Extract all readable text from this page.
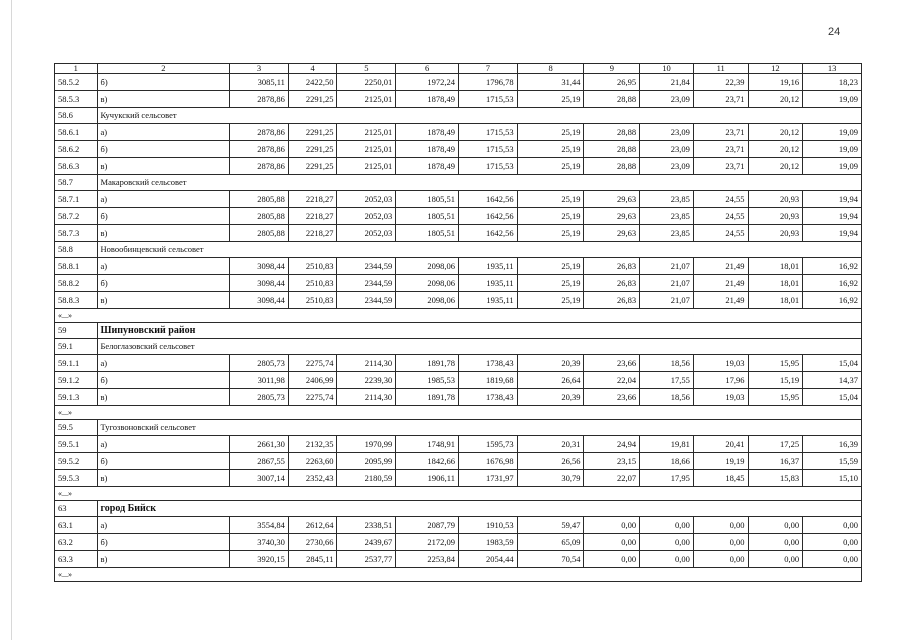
24
1	2	3	4	5	6	7	8	9	10	11	12	13
58.5.2	б)	3085,11	2422,50	2250,01	1972,24	1796,78	31,44	26,95	21,84	22,39	19,16	18,23
58.5.3	в)	2878,86	2291,25	2125,01	1878,49	1715,53	25,19	28,88	23,09	23,71	20,12	19,09
58.6	Кучукский сельсовет											
58.6.1	а)	2878,86	2291,25	2125,01	1878,49	1715,53	25,19	28,88	23,09	23,71	20,12	19,09
58.6.2	б)	2878,86	2291,25	2125,01	1878,49	1715,53	25,19	28,88	23,09	23,71	20,12	19,09
58.6.3	в)	2878,86	2291,25	2125,01	1878,49	1715,53	25,19	28,88	23,09	23,71	20,12	19,09
58.7	Макаровский сельсовет											
58.7.1	а)	2805,88	2218,27	2052,03	1805,51	1642,56	25,19	29,63	23,85	24,55	20,93	19,94
58.7.2	б)	2805,88	2218,27	2052,03	1805,51	1642,56	25,19	29,63	23,85	24,55	20,93	19,94
58.7.3	в)	2805,88	2218,27	2052,03	1805,51	1642,56	25,19	29,63	23,85	24,55	20,93	19,94
58.8	Новообинцевский сельсовет											
58.8.1	а)	3098,44	2510,83	2344,59	2098,06	1935,11	25,19	26,83	21,07	21,49	18,01	16,92
58.8.2	б)	3098,44	2510,83	2344,59	2098,06	1935,11	25,19	26,83	21,07	21,49	18,01	16,92
58.8.3	в)	3098,44	2510,83	2344,59	2098,06	1935,11	25,19	26,83	21,07	21,49	18,01	16,92
«...»												
59	Шипуновский район											
59.1	Белоглазовский сельсовет											
59.1.1	а)	2805,73	2275,74	2114,30	1891,78	1738,43	20,39	23,66	18,56	19,03	15,95	15,04
59.1.2	б)	3011,98	2406,99	2239,30	1985,53	1819,68	26,64	22,04	17,55	17,96	15,19	14,37
59.1.3	в)	2805,73	2275,74	2114,30	1891,78	1738,43	20,39	23,66	18,56	19,03	15,95	15,04
«...»												
59.5	Тугозвоновский сельсовет											
59.5.1	а)	2661,30	2132,35	1970,99	1748,91	1595,73	20,31	24,94	19,81	20,41	17,25	16,39
59.5.2	б)	2867,55	2263,60	2095,99	1842,66	1676,98	26,56	23,15	18,66	19,19	16,37	15,59
59.5.3	в)	3007,14	2352,43	2180,59	1906,11	1731,97	30,79	22,07	17,95	18,45	15,83	15,10
«...»												
63	город Бийск											
63.1	а)	3554,84	2612,64	2338,51	2087,79	1910,53	59,47	0,00	0,00	0,00	0,00	0,00
63.2	б)	3740,30	2730,66	2439,67	2172,09	1983,59	65,09	0,00	0,00	0,00	0,00	0,00
63.3	в)	3920,15	2845,11	2537,77	2253,84	2054,44	70,54	0,00	0,00	0,00	0,00	0,00
«...»												
